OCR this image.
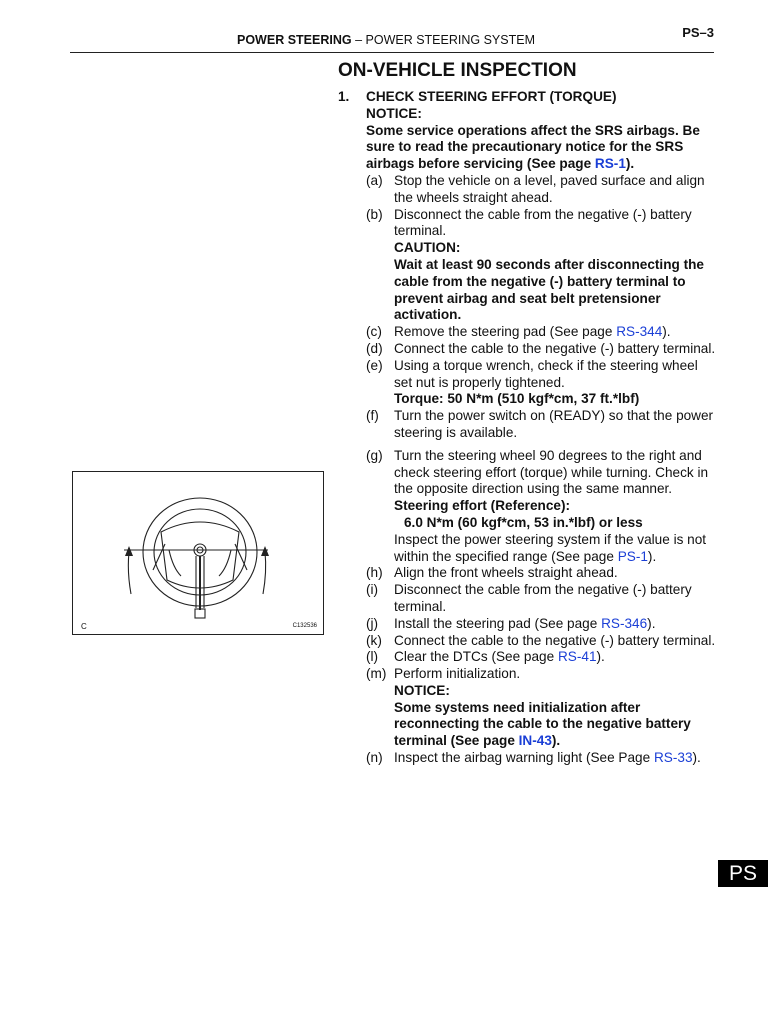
POWER STEERING – POWER STEERING SYSTEM	PS–3
ON-VEHICLE INSPECTION
1.	CHECK STEERING EFFORT (TORQUE)
NOTICE:
Some service operations affect the SRS airbags. Be sure to read the precautionary notice for the SRS airbags before servicing (See page RS-1).
(a) Stop the vehicle on a level, paved surface and align the wheels straight ahead.
(b) Disconnect the cable from the negative (-) battery terminal.
CAUTION:
Wait at least 90 seconds after disconnecting the cable from the negative (-) battery terminal to prevent airbag and seat belt pretensioner activation.
(c) Remove the steering pad (See page RS-344).
(d) Connect the cable to the negative (-) battery terminal.
(e) Using a torque wrench, check if the steering wheel set nut is properly tightened.
Torque: 50 N*m (510 kgf*cm, 37 ft.*lbf)
(f)	Turn the power switch on (READY) so that the power steering is available.
(g) Turn the steering wheel 90 degrees to the right and check steering effort (torque) while turning. Check in the opposite direction using the same manner.
Steering effort (Reference):
6.0 N*m (60 kgf*cm, 53 in.*lbf) or less
Inspect the power steering system if the value is not within the specified range (See page PS-1).
(h) Align the front wheels straight ahead.
(i)	Disconnect the cable from the negative (-) battery terminal.
(j)	Install the steering pad (See page RS-346).
(k) Connect the cable to the negative (-) battery terminal.
(l)	Clear the DTCs (See page RS-41).
(m) Perform initialization.
NOTICE:
Some systems need initialization after reconnecting the cable to the negative battery terminal (See page IN-43).
(n) Inspect the airbag warning light (See Page RS-33).
C	C132536
PS
